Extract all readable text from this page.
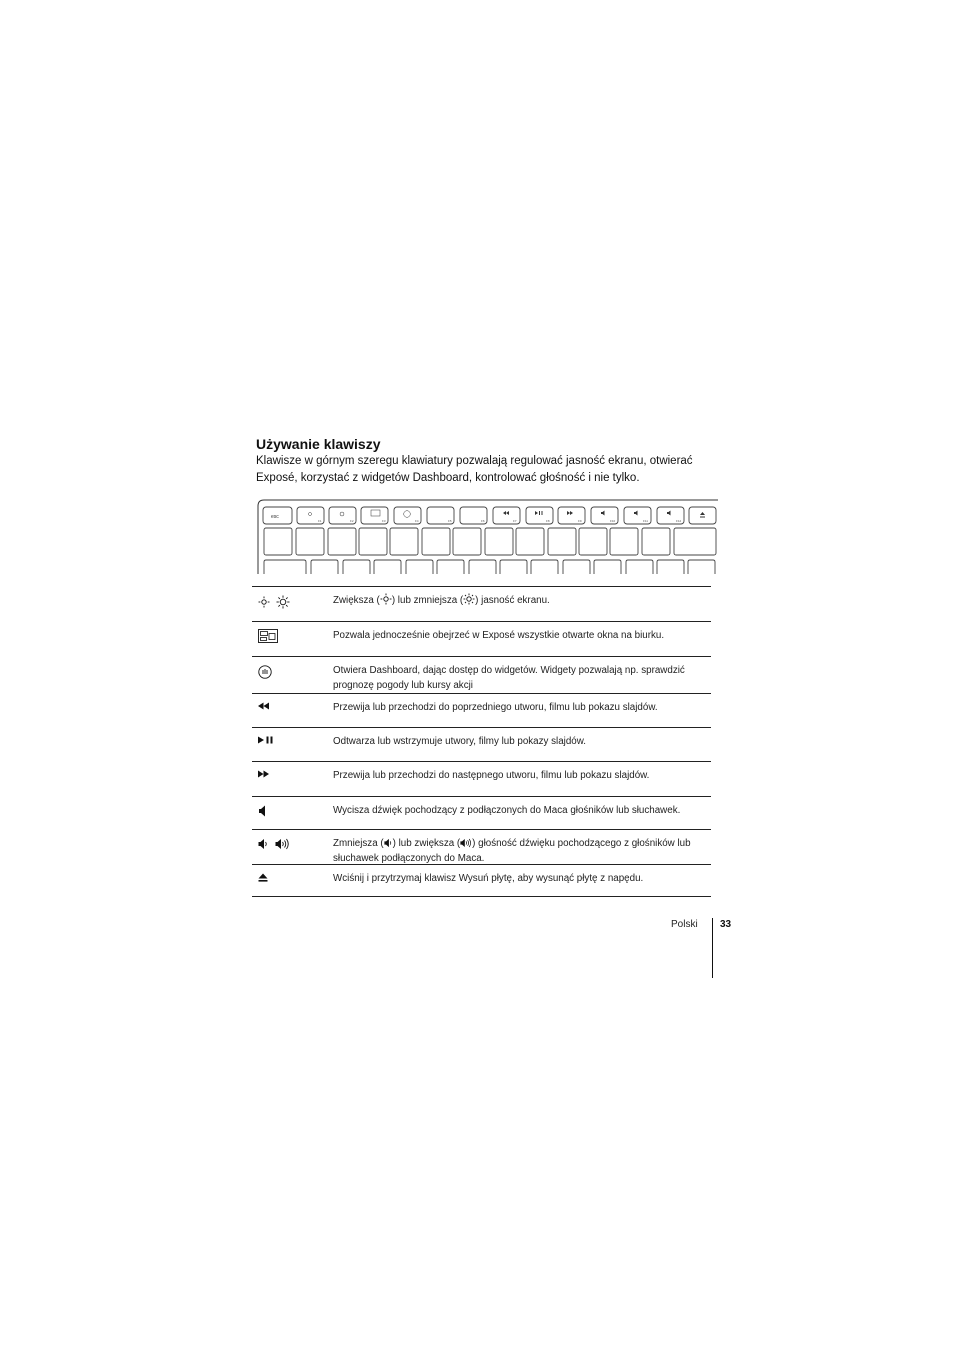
Używanie klawiszy
Klawisze w górnym szeregu klawiatury pozwalają regulować jasność ekranu, otwierać Exposé, korzystać z widgetów Dashboard, kontrolować głośność i nie tylko.
esc
F1	F2	F3	F4	F5	F6	F7	F8	F9	F10	F11	F12
Zwiększa ( ) lub zmniejsza ( ) jasność ekranu.
Pozwala jednocześnie obejrzeć w Exposé wszystkie otwarte okna na biurku.
Otwiera Dashboard, dając dostęp do widgetów. Widgety pozwalają np. sprawdzić prognozę pogody lub kursy akcji
Przewija lub przechodzi do poprzedniego utworu, filmu lub pokazu slajdów.
Odtwarza lub wstrzymuje utwory, filmy lub pokazy slajdów.
Przewija lub przechodzi do następnego utworu, filmu lub pokazu slajdów.
Wycisza dźwięk pochodzący z podłączonych do Maca głośników lub słuchawek.
Zmniejsza ( ) lub zwiększa ( ) głośność dźwięku pochodzącego z głośników lub słuchawek podłączonych do Maca.
Wciśnij i przytrzymaj klawisz Wysuń płytę, aby wysunąć płytę z napędu.
Polski 33
